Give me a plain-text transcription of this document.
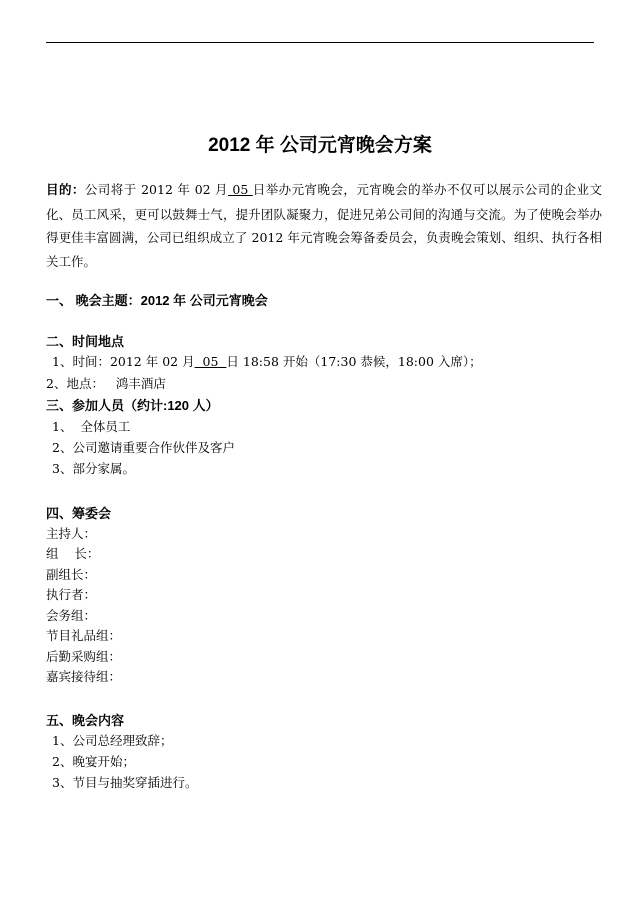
2012 年 公司元宵晚会方案
目的：公司将于 2012 年 02 月 05 日举办元宵晚会，元宵晚会的举办不仅可以展示公司的企业文化、员工风采，更可以鼓舞士气，提升团队凝聚力，促进兄弟公司间的沟通与交流。为了使晚会举办得更佳丰富圆满，公司已组织成立了 2012 年元宵晚会筹备委员会，负责晚会策划、组织、执行各相关工作。
一、 晚会主题：2012 年 公司元宵晚会
二、时间地点
1、时间：2012 年 02 月  05  日 18:58 开始（17:30 恭候，18:00 入席）；
2、地点：   鸿丰酒店
三、参加人员（约计:120 人）
1、  全体员工
2、公司邀请重要合作伙伴及客户
3、部分家属。
四、筹委会
主持人：
组    长：
副组长：
执行者：
会务组：
节目礼品组：
后勤采购组：
嘉宾接待组：
五、晚会内容
1、公司总经理致辞；
2、晚宴开始；
3、节目与抽奖穿插进行。
